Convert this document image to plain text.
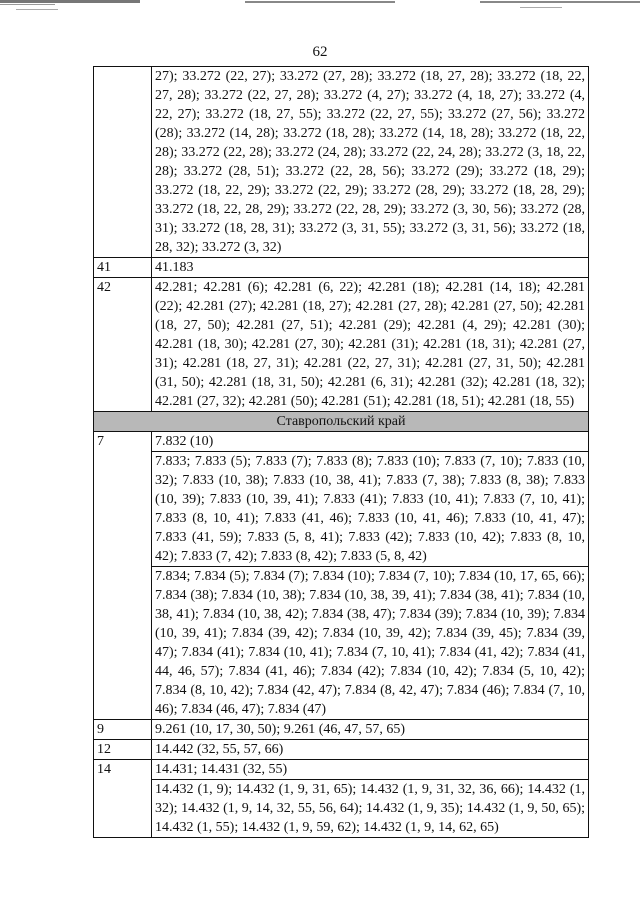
62
	27); 33.272 (22, 27); 33.272 (27, 28); 33.272 (18, 27, 28); 33.272 (18, 22, 27, 28); 33.272 (22, 27, 28); 33.272 (4, 27); 33.272 (4, 18, 27); 33.272 (4, 22, 27); 33.272 (18, 27, 55); 33.272 (22, 27, 55); 33.272 (27, 56); 33.272 (28); 33.272 (14, 28); 33.272 (18, 28); 33.272 (14, 18, 28); 33.272 (18, 22, 28); 33.272 (22, 28); 33.272 (24, 28); 33.272 (22, 24, 28); 33.272 (3, 18, 22, 28); 33.272 (28, 51); 33.272 (22, 28, 56); 33.272 (29); 33.272 (18, 29); 33.272 (18, 22, 29); 33.272 (22, 29); 33.272 (28, 29); 33.272 (18, 28, 29); 33.272 (18, 22, 28, 29); 33.272 (22, 28, 29); 33.272 (3, 30, 56); 33.272 (28, 31); 33.272 (18, 28, 31); 33.272 (3, 31, 55); 33.272 (3, 31, 56); 33.272 (18, 28, 32); 33.272 (3, 32)
41	41.183
42	42.281; 42.281 (6); 42.281 (6, 22); 42.281 (18); 42.281 (14, 18); 42.281 (22); 42.281 (27); 42.281 (18, 27); 42.281 (27, 28); 42.281 (27, 50); 42.281 (18, 27, 50); 42.281 (27, 51); 42.281 (29); 42.281 (4, 29); 42.281 (30); 42.281 (18, 30); 42.281 (27, 30); 42.281 (31); 42.281 (18, 31); 42.281 (27, 31); 42.281 (18, 27, 31); 42.281 (22, 27, 31); 42.281 (27, 31, 50); 42.281 (31, 50); 42.281 (18, 31, 50); 42.281 (6, 31); 42.281 (32); 42.281 (18, 32); 42.281 (27, 32); 42.281 (50); 42.281 (51); 42.281 (18, 51); 42.281 (18, 55)
Ставропольский край	
7	7.832 (10)
	7.833; 7.833 (5); 7.833 (7); 7.833 (8); 7.833 (10); 7.833 (7, 10); 7.833 (10, 32); 7.833 (10, 38); 7.833 (10, 38, 41); 7.833 (7, 38); 7.833 (8, 38); 7.833 (10, 39); 7.833 (10, 39, 41); 7.833 (41); 7.833 (10, 41); 7.833 (7, 10, 41); 7.833 (8, 10, 41); 7.833 (41, 46); 7.833 (10, 41, 46); 7.833 (10, 41, 47); 7.833 (41, 59); 7.833 (5, 8, 41); 7.833 (42); 7.833 (10, 42); 7.833 (8, 10, 42); 7.833 (7, 42); 7.833 (8, 42); 7.833 (5, 8, 42)
	7.834; 7.834 (5); 7.834 (7); 7.834 (10); 7.834 (7, 10); 7.834 (10, 17, 65, 66); 7.834 (38); 7.834 (10, 38); 7.834 (10, 38, 39, 41); 7.834 (38, 41); 7.834 (10, 38, 41); 7.834 (10, 38, 42); 7.834 (38, 47); 7.834 (39); 7.834 (10, 39); 7.834 (10, 39, 41); 7.834 (39, 42); 7.834 (10, 39, 42); 7.834 (39, 45); 7.834 (39, 47); 7.834 (41); 7.834 (10, 41); 7.834 (7, 10, 41); 7.834 (41, 42); 7.834 (41, 44, 46, 57); 7.834 (41, 46); 7.834 (42); 7.834 (10, 42); 7.834 (5, 10, 42); 7.834 (8, 10, 42); 7.834 (42, 47); 7.834 (8, 42, 47); 7.834 (46); 7.834 (7, 10, 46); 7.834 (46, 47); 7.834 (47)
9	9.261 (10, 17, 30, 50); 9.261 (46, 47, 57, 65)
12	14.442 (32, 55, 57, 66)
14	14.431; 14.431 (32, 55)
	14.432 (1, 9); 14.432 (1, 9, 31, 65); 14.432 (1, 9, 31, 32, 36, 66); 14.432 (1, 32); 14.432 (1, 9, 14, 32, 55, 56, 64); 14.432 (1, 9, 35); 14.432 (1, 9, 50, 65); 14.432 (1, 55); 14.432 (1, 9, 59, 62); 14.432 (1, 9, 14, 62, 65)
